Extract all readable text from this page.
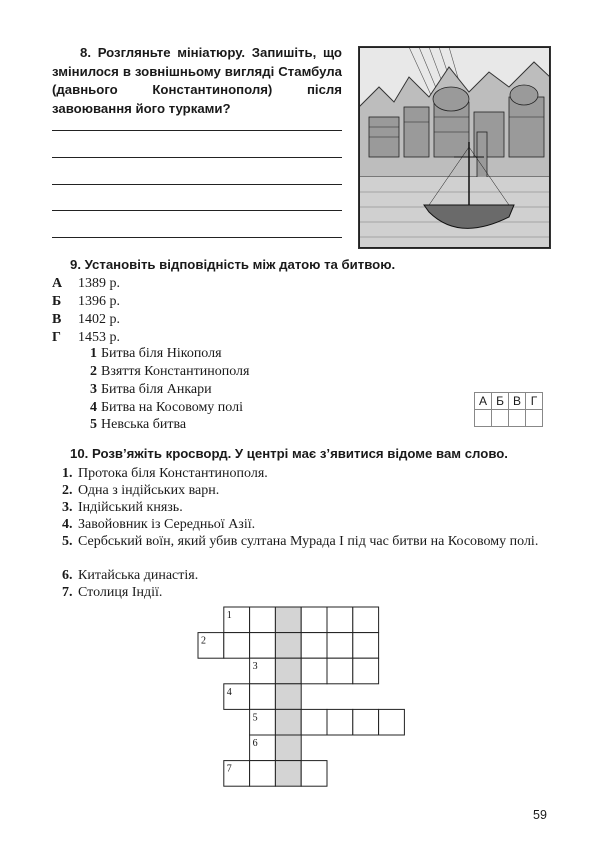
8. Розгляньте мініатюру. Запишіть, що змінилося в зовнішньому вигляді Стамбула (давнього Константинополя) після завоювання його турками?
9. Установіть відповідність між датою та битвою.
А 1389 р.
Б 1396 р.
В 1402 р.
Г 1453 р.
1 Битва біля Нікополя
2 Взяття Константинополя
3 Битва біля Анкари
4 Битва на Косовому полі
5 Невська битва
А	Б	В	Г

10. Розв’яжіть кросворд. У центрі має з’явитися відоме вам слово.
1. Протока біля Константинополя.
2. Одна з індійських варн.
3. Індійський князь.
4. Завойовник із Середньої Азії.
5. Сербський воїн, який убив султана Мурада I під час битви на Косовому полі.
6. Китайська династія.
7. Столиця Індії.
1
2
3
4
5
6
7
59
